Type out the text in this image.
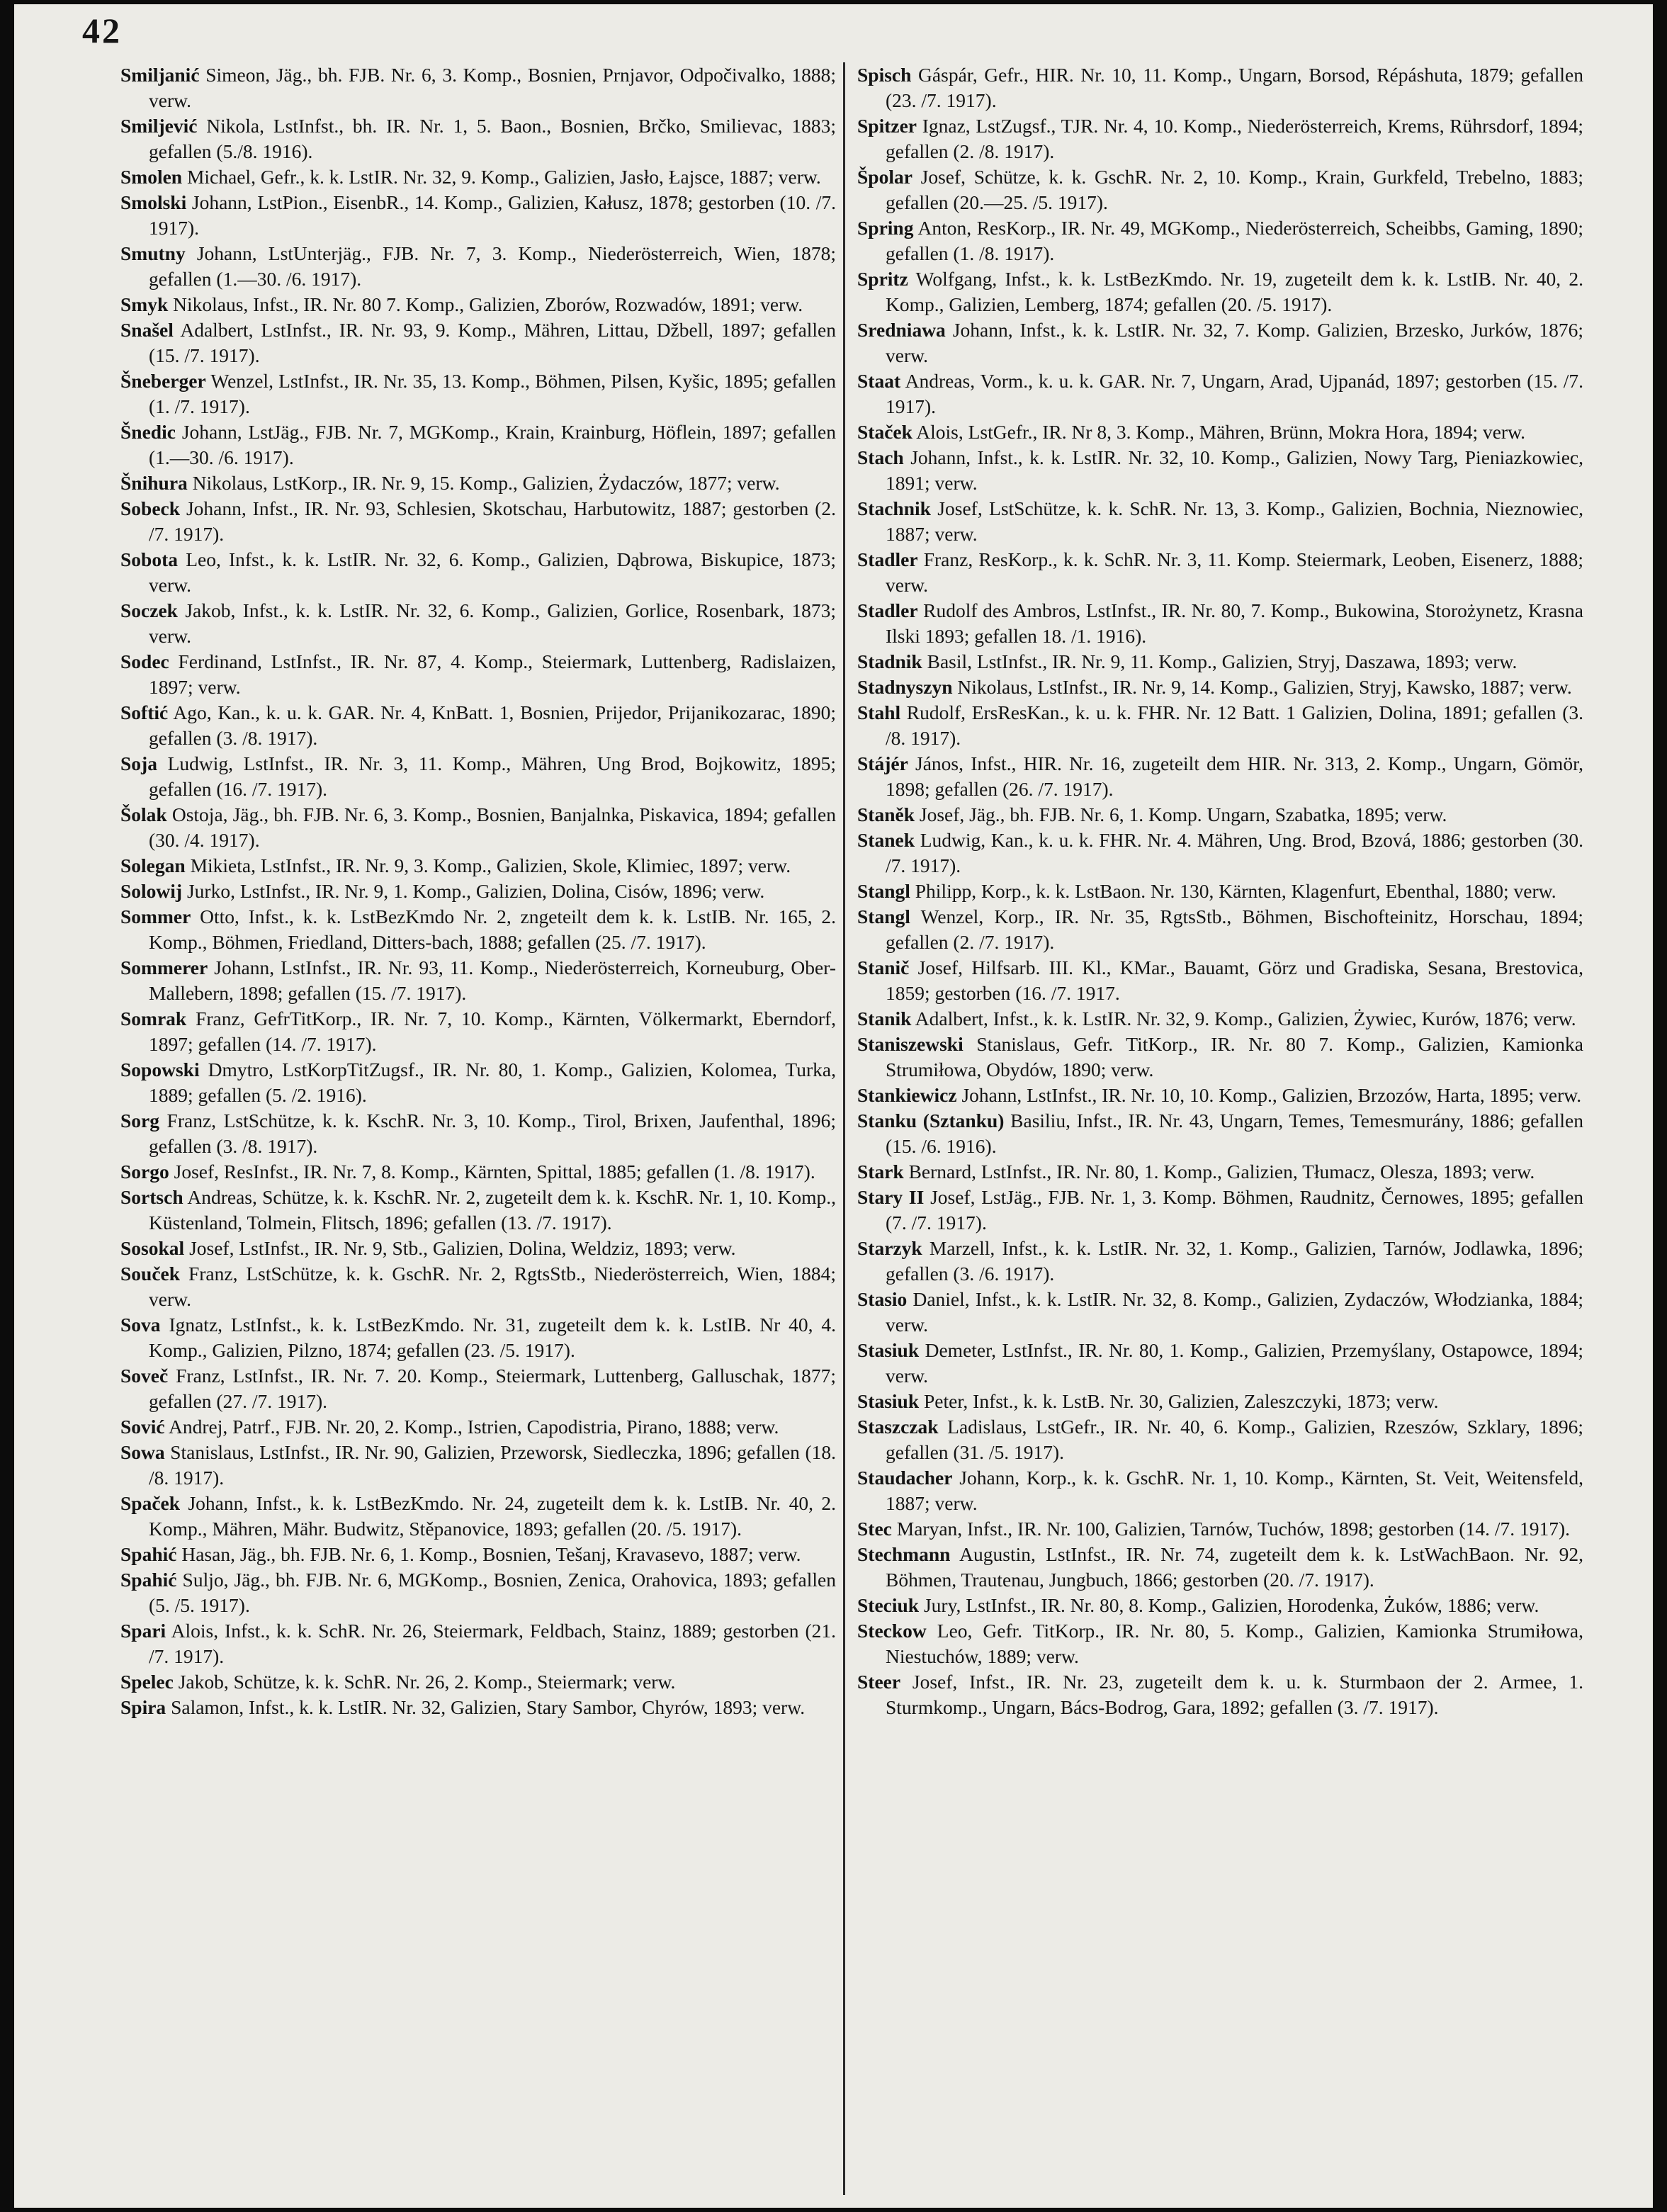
42

Smiljanić Simeon, Jäg., bh. FJB. Nr. 6, 3. Komp., Bosnien, Prnjavor, Odpočivalko, 1888; verw.

Smiljević Nikola, LstInfst., bh. IR. Nr. 1, 5. Baon., Bosnien, Brčko, Smilievac, 1883; gefallen (5./8. 1916).

Smolen Michael, Gefr., k. k. LstIR. Nr. 32, 9. Komp., Galizien, Jasło, Łajsce, 1887; verw.

Smolski Johann, LstPion., EisenbR., 14. Komp., Galizien, Kałusz, 1878; gestorben (10. /7. 1917).

Smutny Johann, LstUnterjäg., FJB. Nr. 7, 3. Komp., Niederösterreich, Wien, 1878; gefallen (1.—30. /6. 1917).

Smyk Nikolaus, Infst., IR. Nr. 80 7. Komp., Galizien, Zborów, Rozwadów, 1891; verw.

Snašel Adalbert, LstInfst., IR. Nr. 93, 9. Komp., Mähren, Littau, Džbell, 1897; gefallen (15. /7. 1917).

Šneberger Wenzel, LstInfst., IR. Nr. 35, 13. Komp., Böhmen, Pilsen, Kyšic, 1895; gefallen (1. /7. 1917).

Šnedic Johann, LstJäg., FJB. Nr. 7, MGKomp., Krain, Krainburg, Höflein, 1897; gefallen (1.—30. /6. 1917).

Šnihura Nikolaus, LstKorp., IR. Nr. 9, 15. Komp., Galizien, Żydaczów, 1877; verw.

Sobeck Johann, Infst., IR. Nr. 93, Schlesien, Skotschau, Harbutowitz, 1887; gestorben (2. /7. 1917).

Sobota Leo, Infst., k. k. LstIR. Nr. 32, 6. Komp., Galizien, Dąbrowa, Biskupice, 1873; verw.

Soczek Jakob, Infst., k. k. LstIR. Nr. 32, 6. Komp., Galizien, Gorlice, Rosenbark, 1873; verw.

Sodec Ferdinand, LstInfst., IR. Nr. 87, 4. Komp., Steiermark, Luttenberg, Radislaizen, 1897; verw.

Softić Ago, Kan., k. u. k. GAR. Nr. 4, KnBatt. 1, Bosnien, Prijedor, Prijanikozarac, 1890; gefallen (3. /8. 1917).

Soja Ludwig, LstInfst., IR. Nr. 3, 11. Komp., Mähren, Ung Brod, Bojkowitz, 1895; gefallen (16. /7. 1917).

Šolak Ostoja, Jäg., bh. FJB. Nr. 6, 3. Komp., Bosnien, Banjalnka, Piskavica, 1894; gefallen (30. /4. 1917).

Solegan Mikieta, LstInfst., IR. Nr. 9, 3. Komp., Galizien, Skole, Klimiec, 1897; verw.

Solowij Jurko, LstInfst., IR. Nr. 9, 1. Komp., Galizien, Dolina, Cisów, 1896; verw.

Sommer Otto, Infst., k. k. LstBezKmdo Nr. 2, zngeteilt dem k. k. LstIB. Nr. 165, 2. Komp., Böhmen, Friedland, Ditters-bach, 1888; gefallen (25. /7. 1917).

Sommerer Johann, LstInfst., IR. Nr. 93, 11. Komp., Niederösterreich, Korneuburg, Ober-Mallebern, 1898; gefallen (15. /7. 1917).

Somrak Franz, GefrTitKorp., IR. Nr. 7, 10. Komp., Kärnten, Völkermarkt, Eberndorf, 1897; gefallen (14. /7. 1917).

Sopowski Dmytro, LstKorpTitZugsf., IR. Nr. 80, 1. Komp., Galizien, Kolomea, Turka, 1889; gefallen (5. /2. 1916).

Sorg Franz, LstSchütze, k. k. KschR. Nr. 3, 10. Komp., Tirol, Brixen, Jaufenthal, 1896; gefallen (3. /8. 1917).

Sorgo Josef, ResInfst., IR. Nr. 7, 8. Komp., Kärnten, Spittal, 1885; gefallen (1. /8. 1917).

Sortsch Andreas, Schütze, k. k. KschR. Nr. 2, zugeteilt dem k. k. KschR. Nr. 1, 10. Komp., Küstenland, Tolmein, Flitsch, 1896; gefallen (13. /7. 1917).

Sosokal Josef, LstInfst., IR. Nr. 9, Stb., Galizien, Dolina, Weldziz, 1893; verw.

Souček Franz, LstSchütze, k. k. GschR. Nr. 2, RgtsStb., Niederösterreich, Wien, 1884; verw.

Sova Ignatz, LstInfst., k. k. LstBezKmdo. Nr. 31, zugeteilt dem k. k. LstIB. Nr 40, 4. Komp., Galizien, Pilzno, 1874; gefallen (23. /5. 1917).

Soveč Franz, LstInfst., IR. Nr. 7. 20. Komp., Steiermark, Luttenberg, Galluschak, 1877; gefallen (27. /7. 1917).

Sović Andrej, Patrf., FJB. Nr. 20, 2. Komp., Istrien, Capodistria, Pirano, 1888; verw.

Sowa Stanislaus, LstInfst., IR. Nr. 90, Galizien, Przeworsk, Siedleczka, 1896; gefallen (18. /8. 1917).

Spaček Johann, Infst., k. k. LstBezKmdo. Nr. 24, zugeteilt dem k. k. LstIB. Nr. 40, 2. Komp., Mähren, Mähr. Budwitz, Stěpanovice, 1893; gefallen (20. /5. 1917).

Spahić Hasan, Jäg., bh. FJB. Nr. 6, 1. Komp., Bosnien, Tešanj, Kravasevo, 1887; verw.

Spahić Suljo, Jäg., bh. FJB. Nr. 6, MGKomp., Bosnien, Zenica, Orahovica, 1893; gefallen (5. /5. 1917).

Spari Alois, Infst., k. k. SchR. Nr. 26, Steiermark, Feldbach, Stainz, 1889; gestorben (21. /7. 1917).

Spelec Jakob, Schütze, k. k. SchR. Nr. 26, 2. Komp., Steiermark; verw.

Spira Salamon, Infst., k. k. LstIR. Nr. 32, Galizien, Stary Sambor, Chyrów, 1893; verw.

Spisch Gáspár, Gefr., HIR. Nr. 10, 11. Komp., Ungarn, Borsod, Répáshuta, 1879; gefallen (23. /7. 1917).

Spitzer Ignaz, LstZugsf., TJR. Nr. 4, 10. Komp., Niederösterreich, Krems, Rührsdorf, 1894; gefallen (2. /8. 1917).

Špolar Josef, Schütze, k. k. GschR. Nr. 2, 10. Komp., Krain, Gurkfeld, Trebelno, 1883; gefallen (20.—25. /5. 1917).

Spring Anton, ResKorp., IR. Nr. 49, MGKomp., Niederösterreich, Scheibbs, Gaming, 1890; gefallen (1. /8. 1917).

Spritz Wolfgang, Infst., k. k. LstBezKmdo. Nr. 19, zugeteilt dem k. k. LstIB. Nr. 40, 2. Komp., Galizien, Lemberg, 1874; gefallen (20. /5. 1917).

Sredniawa Johann, Infst., k. k. LstIR. Nr. 32, 7. Komp. Galizien, Brzesko, Jurków, 1876; verw.

Staat Andreas, Vorm., k. u. k. GAR. Nr. 7, Ungarn, Arad, Ujpanád, 1897; gestorben (15. /7. 1917).

Staček Alois, LstGefr., IR. Nr 8, 3. Komp., Mähren, Brünn, Mokra Hora, 1894; verw.

Stach Johann, Infst., k. k. LstIR. Nr. 32, 10. Komp., Galizien, Nowy Targ, Pieniazkowiec, 1891; verw.

Stachnik Josef, LstSchütze, k. k. SchR. Nr. 13, 3. Komp., Galizien, Bochnia, Nieznowiec, 1887; verw.

Stadler Franz, ResKorp., k. k. SchR. Nr. 3, 11. Komp. Steiermark, Leoben, Eisenerz, 1888; verw.

Stadler Rudolf des Ambros, LstInfst., IR. Nr. 80, 7. Komp., Bukowina, Storożynetz, Krasna Ilski 1893; gefallen 18. /1. 1916).

Stadnik Basil, LstInfst., IR. Nr. 9, 11. Komp., Galizien, Stryj, Daszawa, 1893; verw.

Stadnyszyn Nikolaus, LstInfst., IR. Nr. 9, 14. Komp., Galizien, Stryj, Kawsko, 1887; verw.

Stahl Rudolf, ErsResKan., k. u. k. FHR. Nr. 12 Batt. 1 Galizien, Dolina, 1891; gefallen (3. /8. 1917).

Stájér János, Infst., HIR. Nr. 16, zugeteilt dem HIR. Nr. 313, 2. Komp., Ungarn, Gömör, 1898; gefallen (26. /7. 1917).

Staněk Josef, Jäg., bh. FJB. Nr. 6, 1. Komp. Ungarn, Szabatka, 1895; verw.

Stanek Ludwig, Kan., k. u. k. FHR. Nr. 4. Mähren, Ung. Brod, Bzová, 1886; gestorben (30. /7. 1917).

Stangl Philipp, Korp., k. k. LstBaon. Nr. 130, Kärnten, Klagenfurt, Ebenthal, 1880; verw.

Stangl Wenzel, Korp., IR. Nr. 35, RgtsStb., Böhmen, Bischofteinitz, Horschau, 1894; gefallen (2. /7. 1917).

Stanič Josef, Hilfsarb. III. Kl., KMar., Bauamt, Görz und Gradiska, Sesana, Brestovica, 1859; gestorben (16. /7. 1917.

Stanik Adalbert, Infst., k. k. LstIR. Nr. 32, 9. Komp., Galizien, Żywiec, Kurów, 1876; verw.

Staniszewski Stanislaus, Gefr. TitKorp., IR. Nr. 80 7. Komp., Galizien, Kamionka Strumiłowa, Obydów, 1890; verw.

Stankiewicz Johann, LstInfst., IR. Nr. 10, 10. Komp., Galizien, Brzozów, Harta, 1895; verw.

Stanku (Sztanku) Basiliu, Infst., IR. Nr. 43, Ungarn, Temes, Temesmurány, 1886; gefallen (15. /6. 1916).

Stark Bernard, LstInfst., IR. Nr. 80, 1. Komp., Galizien, Tłumacz, Olesza, 1893; verw.

Stary II Josef, LstJäg., FJB. Nr. 1, 3. Komp. Böhmen, Raudnitz, Černowes, 1895; gefallen (7. /7. 1917).

Starzyk Marzell, Infst., k. k. LstIR. Nr. 32, 1. Komp., Galizien, Tarnów, Jodlawka, 1896; gefallen (3. /6. 1917).

Stasio Daniel, Infst., k. k. LstIR. Nr. 32, 8. Komp., Galizien, Zydaczów, Włodzianka, 1884; verw.

Stasiuk Demeter, LstInfst., IR. Nr. 80, 1. Komp., Galizien, Przemyślany, Ostapowce, 1894; verw.

Stasiuk Peter, Infst., k. k. LstB. Nr. 30, Galizien, Zaleszczyki, 1873; verw.

Staszczak Ladislaus, LstGefr., IR. Nr. 40, 6. Komp., Galizien, Rzeszów, Szklary, 1896; gefallen (31. /5. 1917).

Staudacher Johann, Korp., k. k. GschR. Nr. 1, 10. Komp., Kärnten, St. Veit, Weitensfeld, 1887; verw.

Stec Maryan, Infst., IR. Nr. 100, Galizien, Tarnów, Tuchów, 1898; gestorben (14. /7. 1917).

Stechmann Augustin, LstInfst., IR. Nr. 74, zugeteilt dem k. k. LstWachBaon. Nr. 92, Böhmen, Trautenau, Jungbuch, 1866; gestorben (20. /7. 1917).

Steciuk Jury, LstInfst., IR. Nr. 80, 8. Komp., Galizien, Horodenka, Żuków, 1886; verw.

Steckow Leo, Gefr. TitKorp., IR. Nr. 80, 5. Komp., Galizien, Kamionka Strumiłowa, Niestuchów, 1889; verw.

Steer Josef, Infst., IR. Nr. 23, zugeteilt dem k. u. k. Sturmbaon der 2. Armee, 1. Sturmkomp., Ungarn, Bács-Bodrog, Gara, 1892; gefallen (3. /7. 1917).
